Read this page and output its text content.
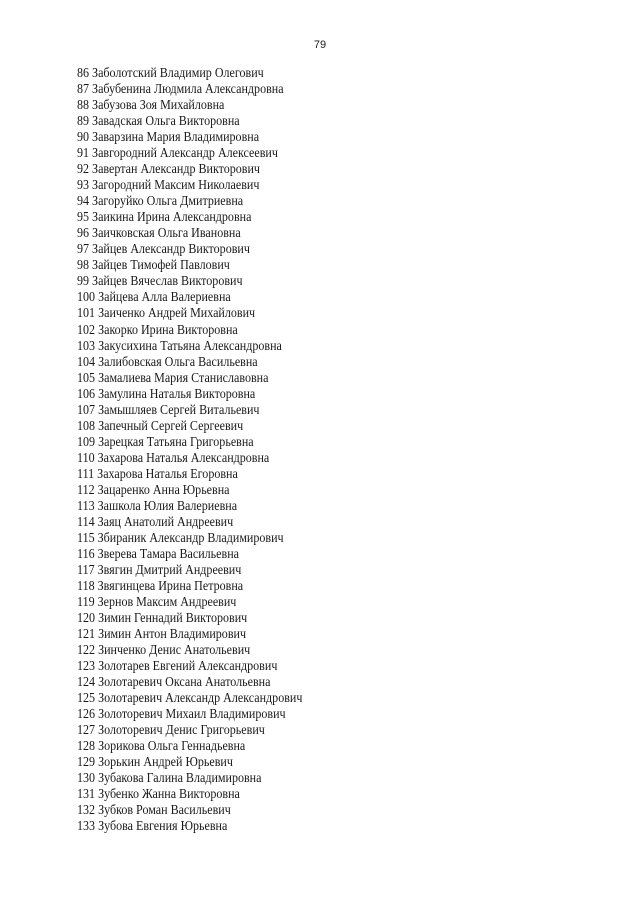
79
86 Заболотский Владимир Олегович
87 Забубенина Людмила Александровна
88 Забузова Зоя Михайловна
89 Завадская Ольга Викторовна
90 Заварзина Мария Владимировна
91 Завгородний Александр Алексеевич
92 Завертан Александр Викторович
93 Загородний Максим Николаевич
94 Загоруйко Ольга Дмитриевна
95 Заикина Ирина Александровна
96 Заичковская Ольга Ивановна
97 Зайцев Александр Викторович
98 Зайцев Тимофей Павлович
99 Зайцев Вячеслав Викторович
100 Зайцева Алла Валериевна
101 Заиченко Андрей Михайлович
102 Закорко Ирина Викторовна
103 Закусихина Татьяна Александровна
104 Залибовская Ольга Васильевна
105 Замалиева Мария Станиславовна
106 Замулина Наталья Викторовна
107 Замышляев Сергей Витальевич
108 Запечный Сергей Сергеевич
109 Зарецкая Татьяна Григорьевна
110 Захарова Наталья Александровна
111 Захарова Наталья Егоровна
112 Зацаренко Анна Юрьевна
113 Зашкола Юлия Валериевна
114 Заяц Анатолий Андреевич
115 Збираник Александр Владимирович
116 Зверева Тамара Васильевна
117 Звягин Дмитрий Андреевич
118 Звягинцева Ирина Петровна
119 Зернов Максим Андреевич
120 Зимин Геннадий Викторович
121 Зимин Антон Владимирович
122 Зинченко Денис Анатольевич
123 Золотарев Евгений Александрович
124 Золотаревич Оксана Анатольевна
125 Золотаревич Александр Александрович
126 Золоторевич Михаил Владимирович
127 Золоторевич Денис Григорьевич
128 Зорикова Ольга Геннадьевна
129 Зорькин Андрей Юрьевич
130 Зубакова Галина Владимировна
131 Зубенко Жанна Викторовна
132 Зубков Роман Васильевич
133 Зубова Евгения Юрьевна
